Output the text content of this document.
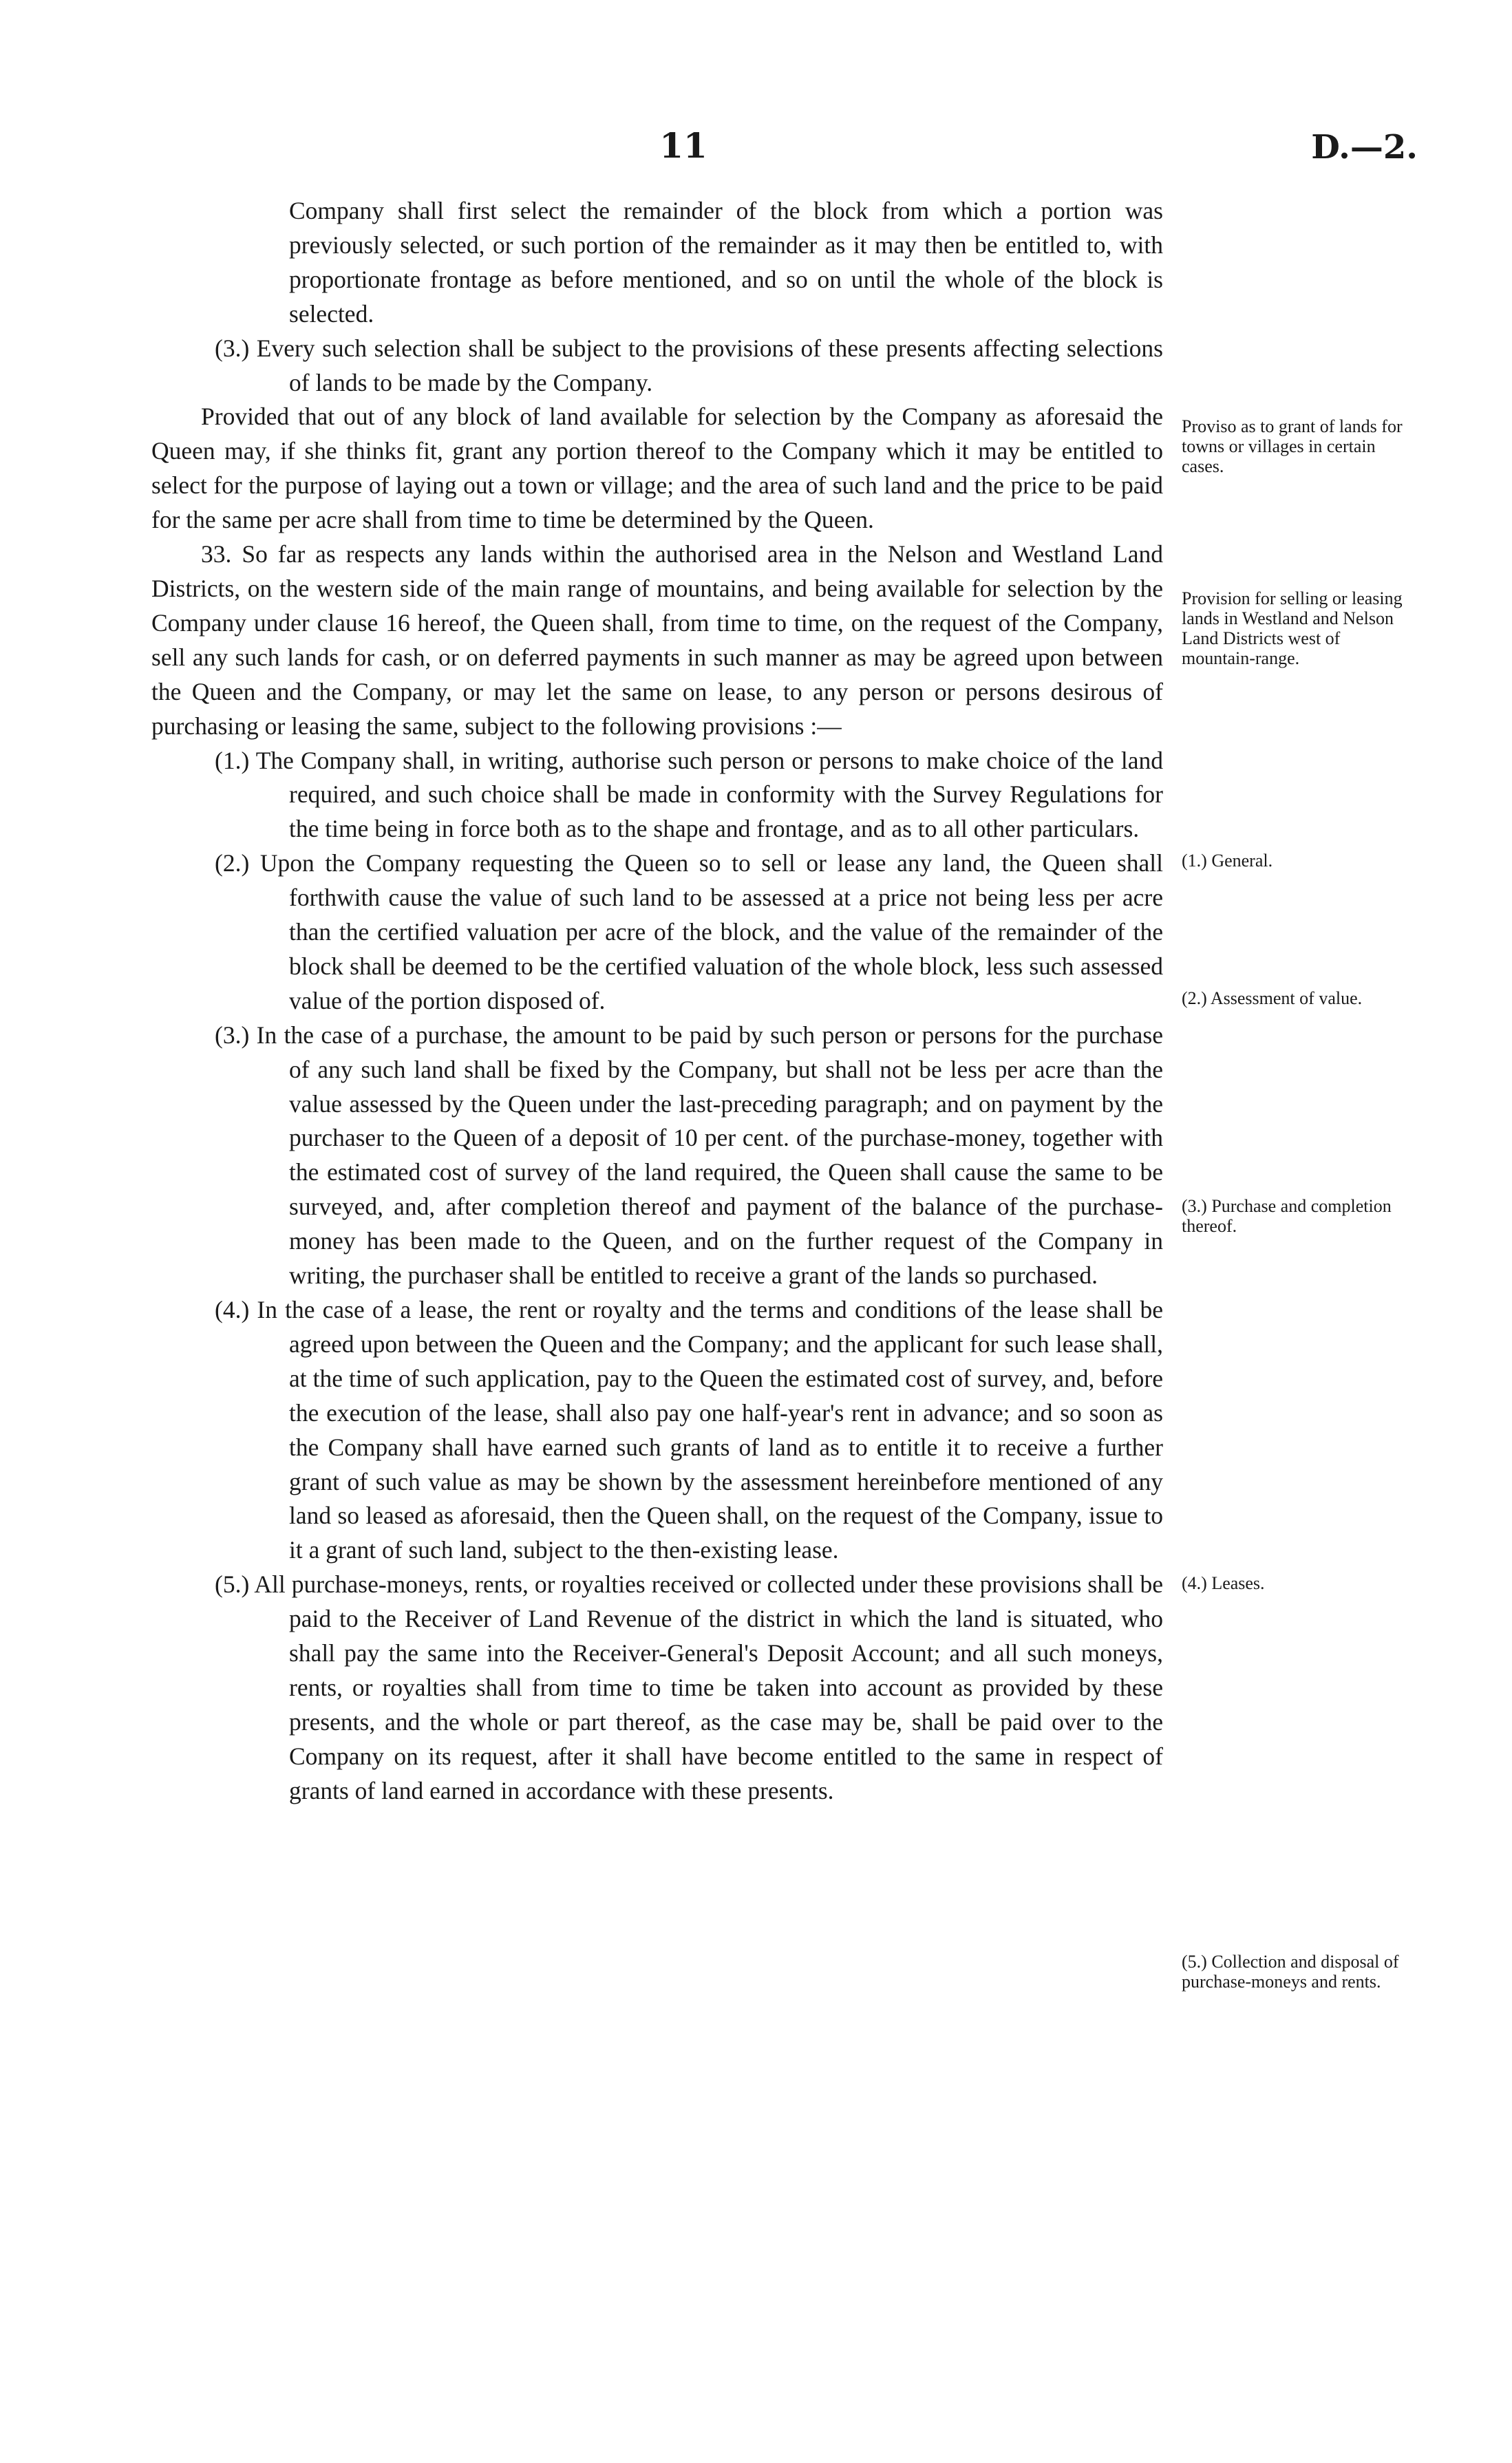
11	D.—2.

Company shall first select the remainder of the block from which a portion was previously selected, or such portion of the remainder as it may then be entitled to, with proportionate frontage as before mentioned, and so on until the whole of the block is selected.

(3.) Every such selection shall be subject to the provisions of these presents affecting selections of lands to be made by the Company.

Provided that out of any block of land available for selection by the Company as aforesaid the Queen may, if she thinks fit, grant any portion thereof to the Company which it may be entitled to select for the purpose of laying out a town or village; and the area of such land and the price to be paid for the same per acre shall from time to time be determined by the Queen.

33. So far as respects any lands within the authorised area in the Nelson and Westland Land Districts, on the western side of the main range of mountains, and being available for selection by the Company under clause 16 hereof, the Queen shall, from time to time, on the request of the Company, sell any such lands for cash, or on deferred payments in such manner as may be agreed upon between the Queen and the Company, or may let the same on lease, to any person or persons desirous of purchasing or leasing the same, subject to the following provisions :—

(1.) The Company shall, in writing, authorise such person or persons to make choice of the land required, and such choice shall be made in conformity with the Survey Regulations for the time being in force both as to the shape and frontage, and as to all other particulars.

(2.) Upon the Company requesting the Queen so to sell or lease any land, the Queen shall forthwith cause the value of such land to be assessed at a price not being less per acre than the certified valuation per acre of the block, and the value of the remainder of the block shall be deemed to be the certified valuation of the whole block, less such assessed value of the portion disposed of.

(3.) In the case of a purchase, the amount to be paid by such person or persons for the purchase of any such land shall be fixed by the Company, but shall not be less per acre than the value assessed by the Queen under the last-preceding paragraph; and on payment by the purchaser to the Queen of a deposit of 10 per cent. of the purchase-money, together with the estimated cost of survey of the land required, the Queen shall cause the same to be surveyed, and, after completion thereof and payment of the balance of the purchase-money has been made to the Queen, and on the further request of the Company in writing, the purchaser shall be entitled to receive a grant of the lands so purchased.

(4.) In the case of a lease, the rent or royalty and the terms and conditions of the lease shall be agreed upon between the Queen and the Company; and the applicant for such lease shall, at the time of such application, pay to the Queen the estimated cost of survey, and, before the execution of the lease, shall also pay one half-year's rent in advance; and so soon as the Company shall have earned such grants of land as to entitle it to receive a further grant of such value as may be shown by the assessment hereinbefore mentioned of any land so leased as aforesaid, then the Queen shall, on the request of the Company, issue to it a grant of such land, subject to the then-existing lease.

(5.) All purchase-moneys, rents, or royalties received or collected under these provisions shall be paid to the Receiver of Land Revenue of the district in which the land is situated, who shall pay the same into the Receiver-General's Deposit Account; and all such moneys, rents, or royalties shall from time to time be taken into account as provided by these presents, and the whole or part thereof, as the case may be, shall be paid over to the Company on its request, after it shall have become entitled to the same in respect of grants of land earned in accordance with these presents.

Proviso as to grant of lands for towns or villages in certain cases.
Provision for selling or leasing lands in Westland and Nelson Land Districts west of mountain-range.
(1.) General.
(2.) Assessment of value.
(3.) Purchase and completion thereof.
(4.) Leases.
(5.) Collection and disposal of purchase-moneys and rents.
